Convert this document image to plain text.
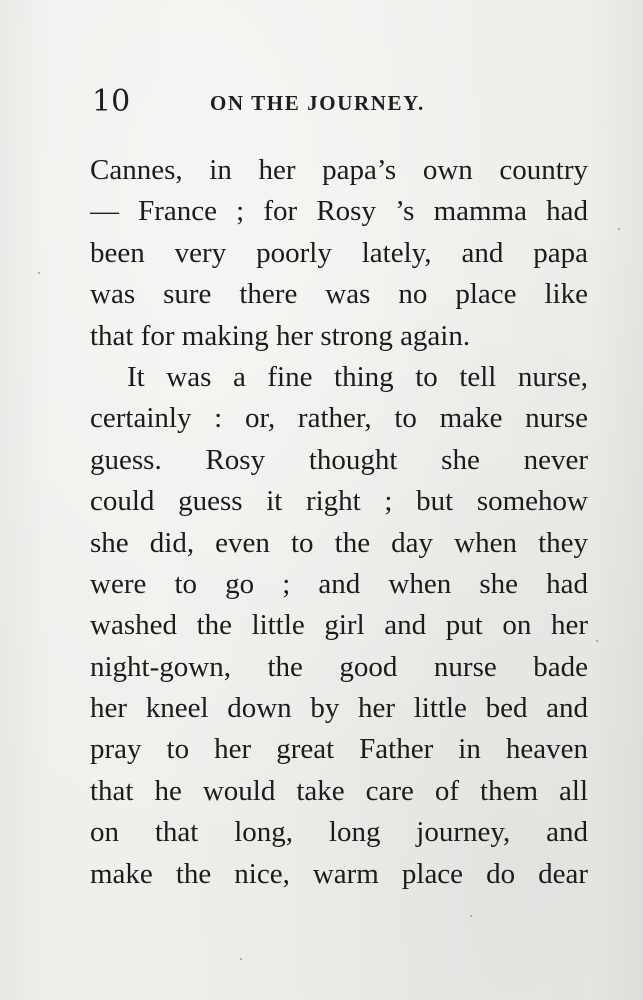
10	ON THE JOURNEY.
Cannes, in her papa’s own country
— France ; for Rosy ’s mamma had
been very poorly lately, and papa
was sure there was no place like
that for making her strong again.
It was a fine thing to tell nurse,
certainly : or, rather, to make nurse
guess. Rosy thought she never
could guess it right ; but somehow
she did, even to the day when they
were to go ; and when she had
washed the little girl and put on her
night-gown, the good nurse bade
her kneel down by her little bed and
pray to her great Father in heaven
that he would take care of them all
on that long, long journey, and
make the nice, warm place do dear
